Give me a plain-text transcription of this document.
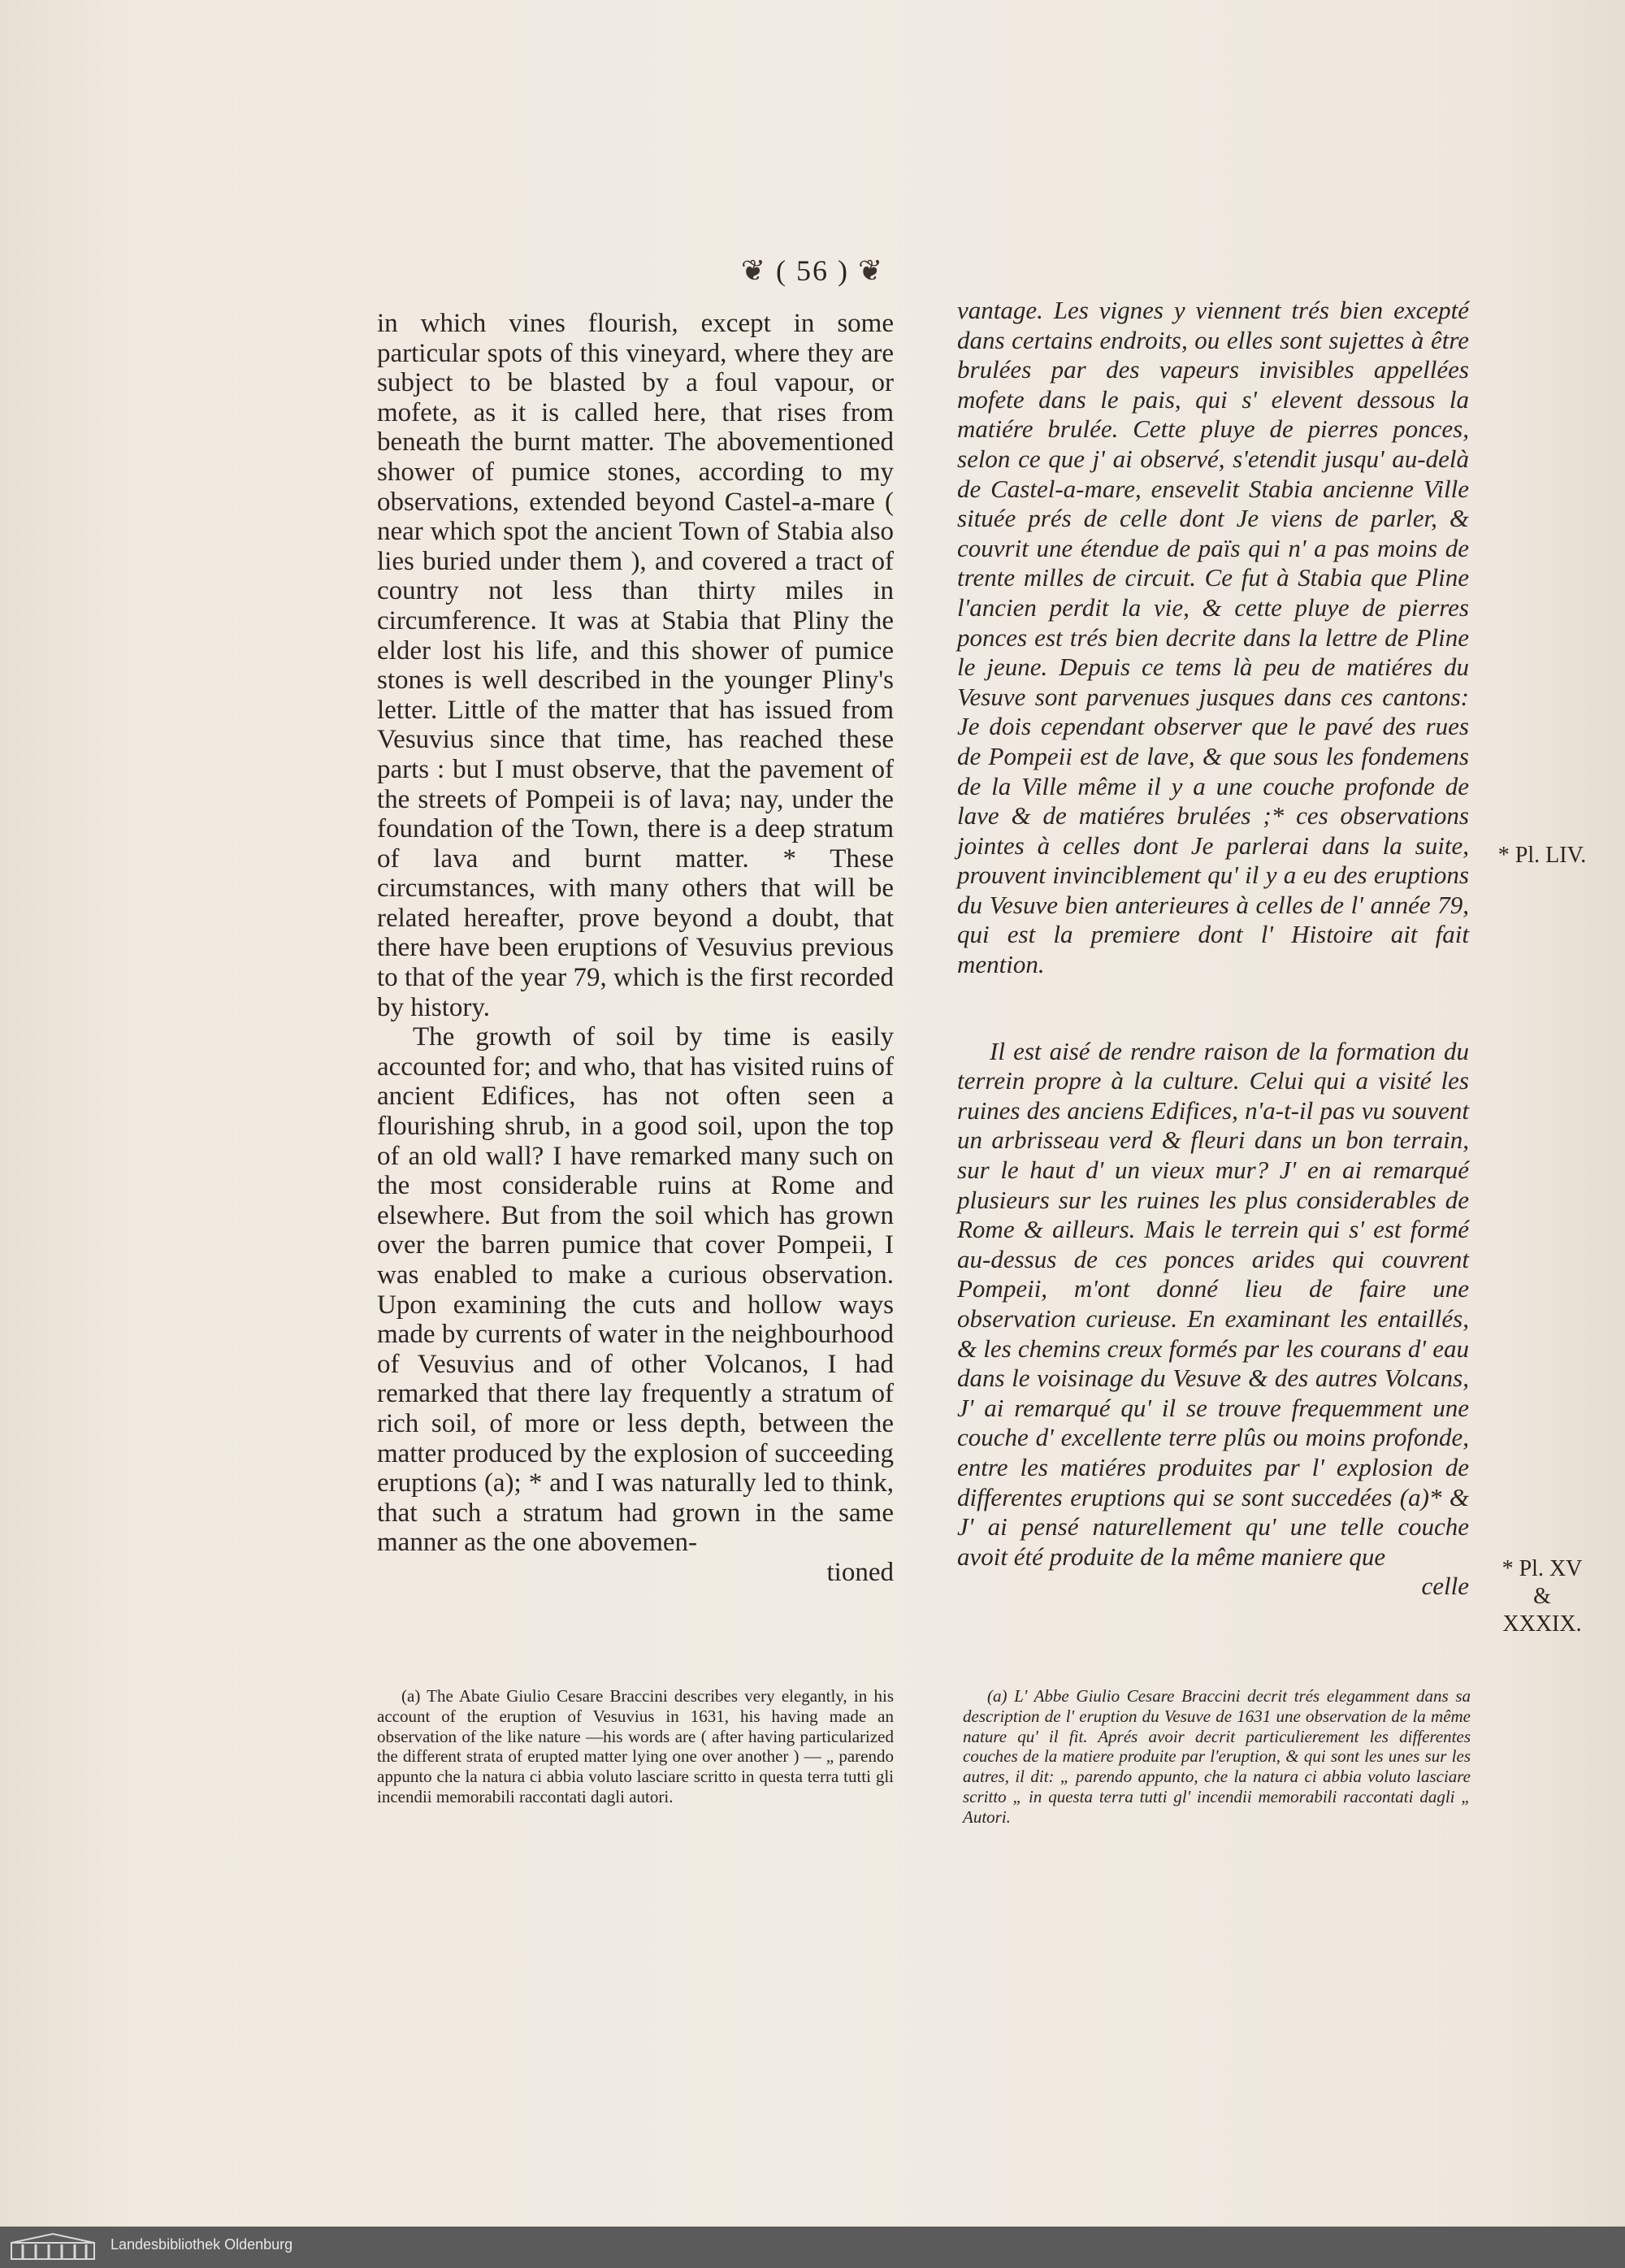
❦ ( 56 ) ❦

in which vines flourish, except in some particular spots of this vineyard, where they are subject to be blasted by a foul vapour, or mofete, as it is called here, that rises from beneath the burnt matter. The abovementioned shower of pumice stones, according to my observations, extended beyond Castel-a-mare ( near which spot the ancient Town of Stabia also lies buried under them ), and covered a tract of country not less than thirty miles in circumference. It was at Stabia that Pliny the elder lost his life, and this shower of pumice stones is well described in the younger Pliny's letter. Little of the matter that has issued from Vesuvius since that time, has reached these parts : but I must observe, that the pavement of the streets of Pompeii is of lava; nay, under the foundation of the Town, there is a deep stratum of lava and burnt matter. * These circumstances, with many others that will be related hereafter, prove beyond a doubt, that there have been eruptions of Vesuvius previous to that of the year 79, which is the first recorded by history.

The growth of soil by time is easily accounted for; and who, that has visited ruins of ancient Edifices, has not often seen a flourishing shrub, in a good soil, upon the top of an old wall? I have remarked many such on the most considerable ruins at Rome and elsewhere. But from the soil which has grown over the barren pumice that cover Pompeii, I was enabled to make a curious observation. Upon examining the cuts and hollow ways made by currents of water in the neighbourhood of Vesuvius and of other Volcanos, I had remarked that there lay frequently a stratum of rich soil, of more or less depth, between the matter produced by the explosion of succeeding eruptions (a); * and I was naturally led to think, that such a stratum had grown in the same manner as the one abovemen-

tioned

vantage. Les vignes y viennent trés bien excepté dans certains endroits, ou elles sont sujettes à être brulées par des vapeurs invisibles appellées mofete dans le pais, qui s' elevent dessous la matiére brulée. Cette pluye de pierres ponces, selon ce que j' ai observé, s'etendit jusqu' au-delà de Castel-a-mare, ensevelit Stabia ancienne Ville située prés de celle dont Je viens de parler, & couvrit une étendue de païs qui n' a pas moins de trente milles de circuit. Ce fut à Stabia que Pline l'ancien perdit la vie, & cette pluye de pierres ponces est trés bien decrite dans la lettre de Pline le jeune. Depuis ce tems là peu de matiéres du Vesuve sont parvenues jusques dans ces cantons: Je dois cependant observer que le pavé des rues de Pompeii est de lave, & que sous les fondemens de la Ville même il y a une couche profonde de lave & de matiéres brulées ;* ces observations jointes à celles dont Je parlerai dans la suite, prouvent invinciblement qu' il y a eu des eruptions du Vesuve bien anterieures à celles de l' année 79, qui est la premiere dont l' Histoire ait fait mention.

Il est aisé de rendre raison de la formation du terrein propre à la culture. Celui qui a visité les ruines des anciens Edifices, n'a-t-il pas vu souvent un arbrisseau verd & fleuri dans un bon terrain, sur le haut d' un vieux mur? J' en ai remarqué plusieurs sur les ruines les plus considerables de Rome & ailleurs. Mais le terrein qui s' est formé au-dessus de ces ponces arides qui couvrent Pompeii, m'ont donné lieu de faire une observation curieuse. En examinant les entaillés, & les chemins creux formés par les courans d' eau dans le voisinage du Vesuve & des autres Volcans, J' ai remarqué qu' il se trouve frequemment une couche d' excellente terre plûs ou moins profonde, entre les matiéres produites par l' explosion de differentes eruptions qui se sont succedées (a)* & J' ai pensé naturellement qu' une telle couche avoit été produite de la même maniere que

celle
* Pl. LIV.
* Pl. XV & XXXIX.

(a) The Abate Giulio Cesare Braccini describes very elegantly, in his account of the eruption of Vesuvius in 1631, his having made an observation of the like nature —his words are ( after having particularized the different strata of erupted matter lying one over another ) — „ parendo appunto che la natura ci abbia voluto lasciare scritto in questa terra tutti gli incendii memorabili raccontati dagli autori.

(a) L' Abbe Giulio Cesare Braccini decrit trés elegamment dans sa description de l' eruption du Vesuve de 1631 une observation de la même nature qu' il fit. Aprés avoir decrit particulierement les differentes couches de la matiere produite par l'eruption, & qui sont les unes sur les autres, il dit: „ parendo appunto, che la natura ci abbia voluto lasciare scritto „ in questa terra tutti gl' incendii memorabili raccontati dagli „ Autori.

Landesbibliothek Oldenburg
